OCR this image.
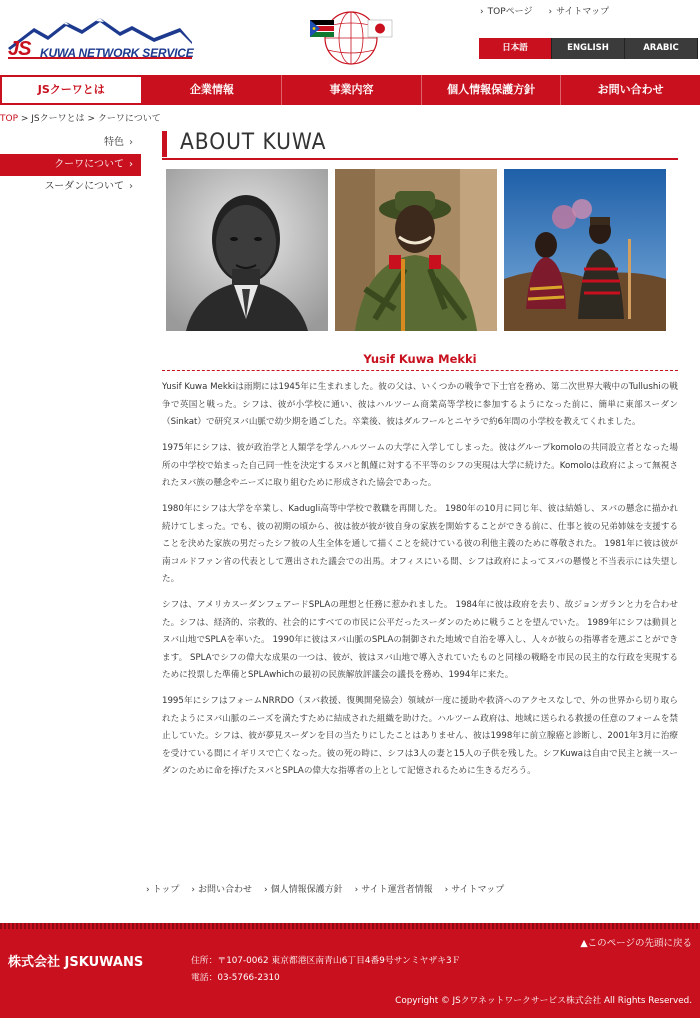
JS KUWA NETWORK SERVICE
› TOPページ › サイトマップ
日本語	ENGLISH	ARABIC
JSクーワとは	企業情報	事業内容	個人情報保護方針	お問い合わせ
TOP > JSクーワとは > クーワについて
特色 ›
クーワについて ›
スーダンについて ›
ABOUT KUWA
Yusif Kuwa Mekki

Yusif Kuwa Mekkiは雨期には1945年に生まれました。彼の父は、いくつかの戦争で下士官を務め、第二次世界大戦中のTullushiの戦争で英国と戦った。シフは、彼が小学校に通い、彼はハルツーム商業高等学校に参加するようになった前に、簡単に東部スーダン（Sinkat）で研究ヌバ山脈で幼少期を過ごした。卒業後、彼はダルフールとニヤラで約6年間の小学校を教えてくれました。

1975年にシフは、彼が政治学と人類学を学んハルツームの大学に入学してしまった。彼はグループkomoloの共同設立者となった場所の中学校で始まった自己同一性を決定するヌバと飢饉に対する不平等のシフの実現は大学に続けた。Komoloは政府によって無視されたヌバ族の懸念やニーズに取り組むために形成された協会であった。

1980年にシフは大学を卒業し、Kadugli高等中学校で教職を再開した。 1980年の10月に同じ年、彼は結婚し、ヌバの懸念に描かれ続けてしまった。でも、彼の初期の頃から、彼は彼が彼が彼自身の家族を開始することができる前に、仕事と彼の兄弟姉妹を支援することを決めた家族の男だったシフ彼の人生全体を通して描くことを続けている彼の利他主義のために尊敬された。 1981年に彼は彼が南コルドファン省の代表として選出された議会での出馬。オフィスにいる間、シフは政府によってヌバの懸慢と不当表示には失望した。

シフは、アメリカスーダンフェアードSPLAの理想と任務に惹かれました。 1984年に彼は政府を去り、故ジョンガランと力を合わせた。シフは、経済的、宗教的、社会的にすべての市民に公平だったスーダンのために戦うことを望んでいた。 1989年にシフは動員とヌバ山地でSPLAを率いた。 1990年に彼はヌバ山脈のSPLAの制御された地域で自治を導入し、人々が彼らの指導者を選ぶことができます。 SPLAでシフの偉大な成果の一つは、彼が、彼はヌバ山地で導入されていたものと同様の戦略を市民の民主的な行政を実現するために投票した準備とSPLAwhichの最初の民族解放評議会の議長を務め、1994年に来た。

1995年にシフはフォームNRRDO（ヌバ救援、復興開発協会）領域が一度に援助や救済へのアクセスなしで、外の世界から切り取られたようにヌバ山脈のニーズを満たすために結成された組織を助けた。ハルツーム政府は、地域に送られる救援の任意のフォームを禁止していた。シフは、彼が夢見スーダンを目の当たりにしたことはありません、彼は1998年に前立腺癌と診断し、2001年3月に治療を受けている間にイギリスで亡くなった。彼の死の時に、シフは3人の妻と15人の子供を残した。シフKuwaは自由で民主と統一スーダンのために命を捧げたヌバとSPLAの偉大な指導者の上として記憶されるために生きるだろう。

› トップ › お問い合わせ › 個人情報保護方針 › サイト運営者情報 › サイトマップ
▲このページの先頭に戻る
株式会社 JSKUWANS	住所：〒107-0062 東京都港区南青山6丁目4番9号サンミヤザキ3Ｆ
電話：03-5766-2310
Copyright © JSクワネットワークサービス株式会社 All Rights Reserved.
